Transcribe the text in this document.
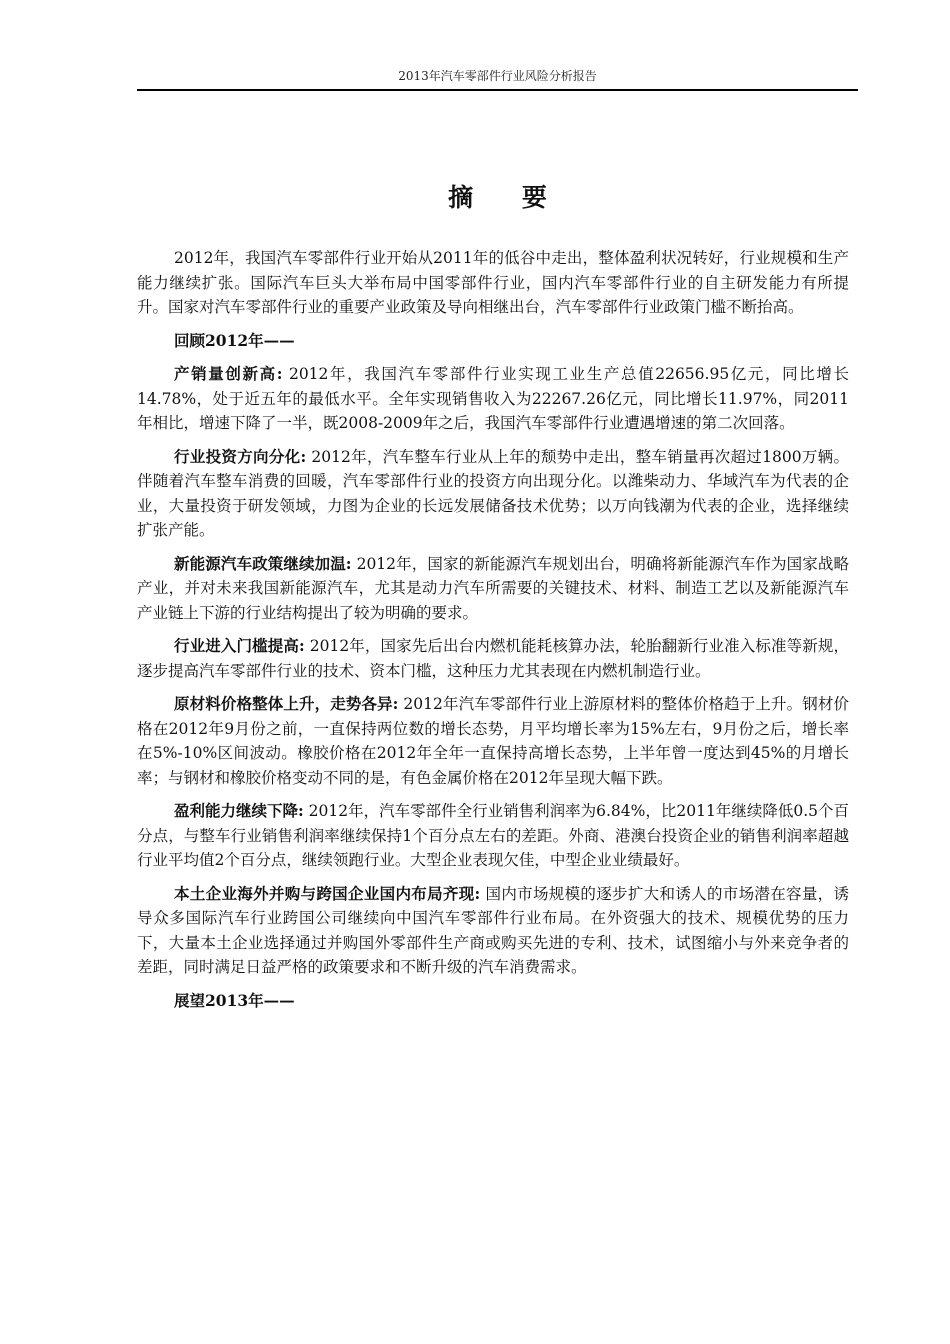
2013年汽车零部件行业风险分析报告
摘 要

2012年，我国汽车零部件行业开始从2011年的低谷中走出，整体盈利状况转好，行业规模和生产能力继续扩张。国际汽车巨头大举布局中国零部件行业，国内汽车零部件行业的自主研发能力有所提升。国家对汽车零部件行业的重要产业政策及导向相继出台，汽车零部件行业政策门槛不断抬高。

回顾2012年——

产销量创新高: 2012年，我国汽车零部件行业实现工业生产总值22656.95亿元，同比增长14.78%，处于近五年的最低水平。全年实现销售收入为22267.26亿元，同比增长11.97%，同2011年相比，增速下降了一半，既2008-2009年之后，我国汽车零部件行业遭遇增速的第二次回落。

行业投资方向分化: 2012年，汽车整车行业从上年的颓势中走出，整车销量再次超过1800万辆。伴随着汽车整车消费的回暖，汽车零部件行业的投资方向出现分化。以潍柴动力、华域汽车为代表的企业，大量投资于研发领域，力图为企业的长远发展储备技术优势；以万向钱潮为代表的企业，选择继续扩张产能。

新能源汽车政策继续加温: 2012年，国家的新能源汽车规划出台，明确将新能源汽车作为国家战略产业，并对未来我国新能源汽车，尤其是动力汽车所需要的关键技术、材料、制造工艺以及新能源汽车产业链上下游的行业结构提出了较为明确的要求。

行业进入门槛提高: 2012年，国家先后出台内燃机能耗核算办法，轮胎翻新行业准入标准等新规，逐步提高汽车零部件行业的技术、资本门槛，这种压力尤其表现在内燃机制造行业。

原材料价格整体上升，走势各异: 2012年汽车零部件行业上游原材料的整体价格趋于上升。钢材价格在2012年9月份之前，一直保持两位数的增长态势，月平均增长率为15%左右，9月份之后，增长率在5%-10%区间波动。橡胶价格在2012年全年一直保持高增长态势，上半年曾一度达到45%的月增长率；与钢材和橡胶价格变动不同的是，有色金属价格在2012年呈现大幅下跌。

盈利能力继续下降: 2012年，汽车零部件全行业销售利润率为6.84%，比2011年继续降低0.5个百分点，与整车行业销售利润率继续保持1个百分点左右的差距。外商、港澳台投资企业的销售利润率超越行业平均值2个百分点，继续领跑行业。大型企业表现欠佳，中型企业业绩最好。

本土企业海外并购与跨国企业国内布局齐现: 国内市场规模的逐步扩大和诱人的市场潜在容量，诱导众多国际汽车行业跨国公司继续向中国汽车零部件行业布局。在外资强大的技术、规模优势的压力下，大量本土企业选择通过并购国外零部件生产商或购买先进的专利、技术，试图缩小与外来竞争者的差距，同时满足日益严格的政策要求和不断升级的汽车消费需求。

展望2013年——
